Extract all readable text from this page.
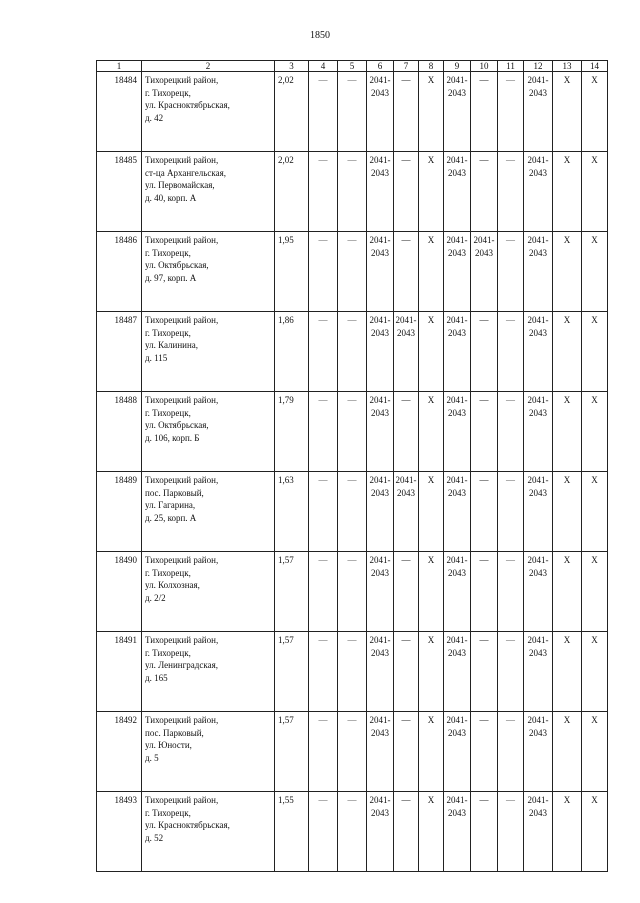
1850
1	2	3	4	5	6	7	8	9	10	11	12	13	14
18484	Тихорецкий район,
г. Тихорецк,
ул. Красноктябрьская,
д. 42	2,02	—	—	2041-
2043	—	X	2041-
2043	—	—	2041-
2043	X	X
18485	Тихорецкий район,
ст-ца Архангельская,
ул. Первомайская,
д. 40, корп. А	2,02	—	—	2041-
2043	—	X	2041-
2043	—	—	2041-
2043	X	X
18486	Тихорецкий район,
г. Тихорецк,
ул. Октябрьская,
д. 97, корп. А	1,95	—	—	2041-
2043	—	X	2041-
2043	2041-
2043	—	2041-
2043	X	X
18487	Тихорецкий район,
г. Тихорецк,
ул. Калинина,
д. 115	1,86	—	—	2041-
2043	2041-
2043	X	2041-
2043	—	—	2041-
2043	X	X
18488	Тихорецкий район,
г. Тихорецк,
ул. Октябрьская,
д. 106, корп. Б	1,79	—	—	2041-
2043	—	X	2041-
2043	—	—	2041-
2043	X	X
18489	Тихорецкий район,
пос. Парковый,
ул. Гагарина,
д. 25, корп. А	1,63	—	—	2041-
2043	2041-
2043	X	2041-
2043	—	—	2041-
2043	X	X
18490	Тихорецкий район,
г. Тихорецк,
ул. Колхозная,
д. 2/2	1,57	—	—	2041-
2043	—	X	2041-
2043	—	—	2041-
2043	X	X
18491	Тихорецкий район,
г. Тихорецк,
ул. Ленинградская,
д. 165	1,57	—	—	2041-
2043	—	X	2041-
2043	—	—	2041-
2043	X	X
18492	Тихорецкий район,
пос. Парковый,
ул. Юности,
д. 5	1,57	—	—	2041-
2043	—	X	2041-
2043	—	—	2041-
2043	X	X
18493	Тихорецкий район,
г. Тихорецк,
ул. Красноктябрьская,
д. 52	1,55	—	—	2041-
2043	—	X	2041-
2043	—	—	2041-
2043	X	X
